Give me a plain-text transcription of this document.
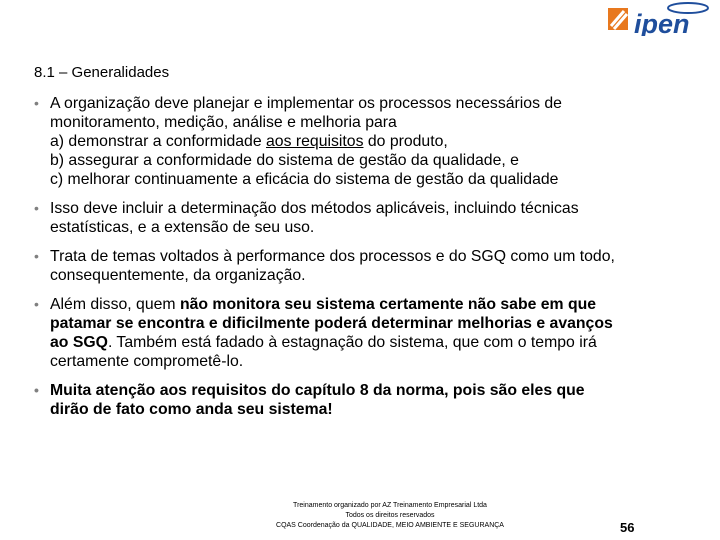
ipen
8.1 – Generalidades
• A organização deve planejar e implementar os processos necessários de
monitoramento, medição, análise e melhoria para
a) demonstrar a conformidade aos requisitos do produto,
b) assegurar a conformidade do sistema de gestão da qualidade, e
c) melhorar continuamente a eficácia do sistema de gestão da qualidade
• Isso deve incluir a determinação dos métodos aplicáveis, incluindo técnicas
estatísticas, e a extensão de seu uso.
• Trata de temas voltados à performance dos processos e do SGQ como um todo,
consequentemente, da organização.
• Além disso, quem não monitora seu sistema certamente não sabe em que
patamar se encontra e dificilmente poderá determinar melhorias e avanços
ao SGQ. Também está fadado à estagnação do sistema, que com o tempo irá
certamente comprometê-lo.
• Muita atenção aos requisitos do capítulo 8 da norma, pois são eles que
dirão de fato como anda seu sistema!
Treinamento organizado por AZ Treinamento Empresarial Ltda
Todos os direitos reservados
CQAS Coordenação da QUALIDADE, MEIO AMBIENTE E SEGURANÇA	56
